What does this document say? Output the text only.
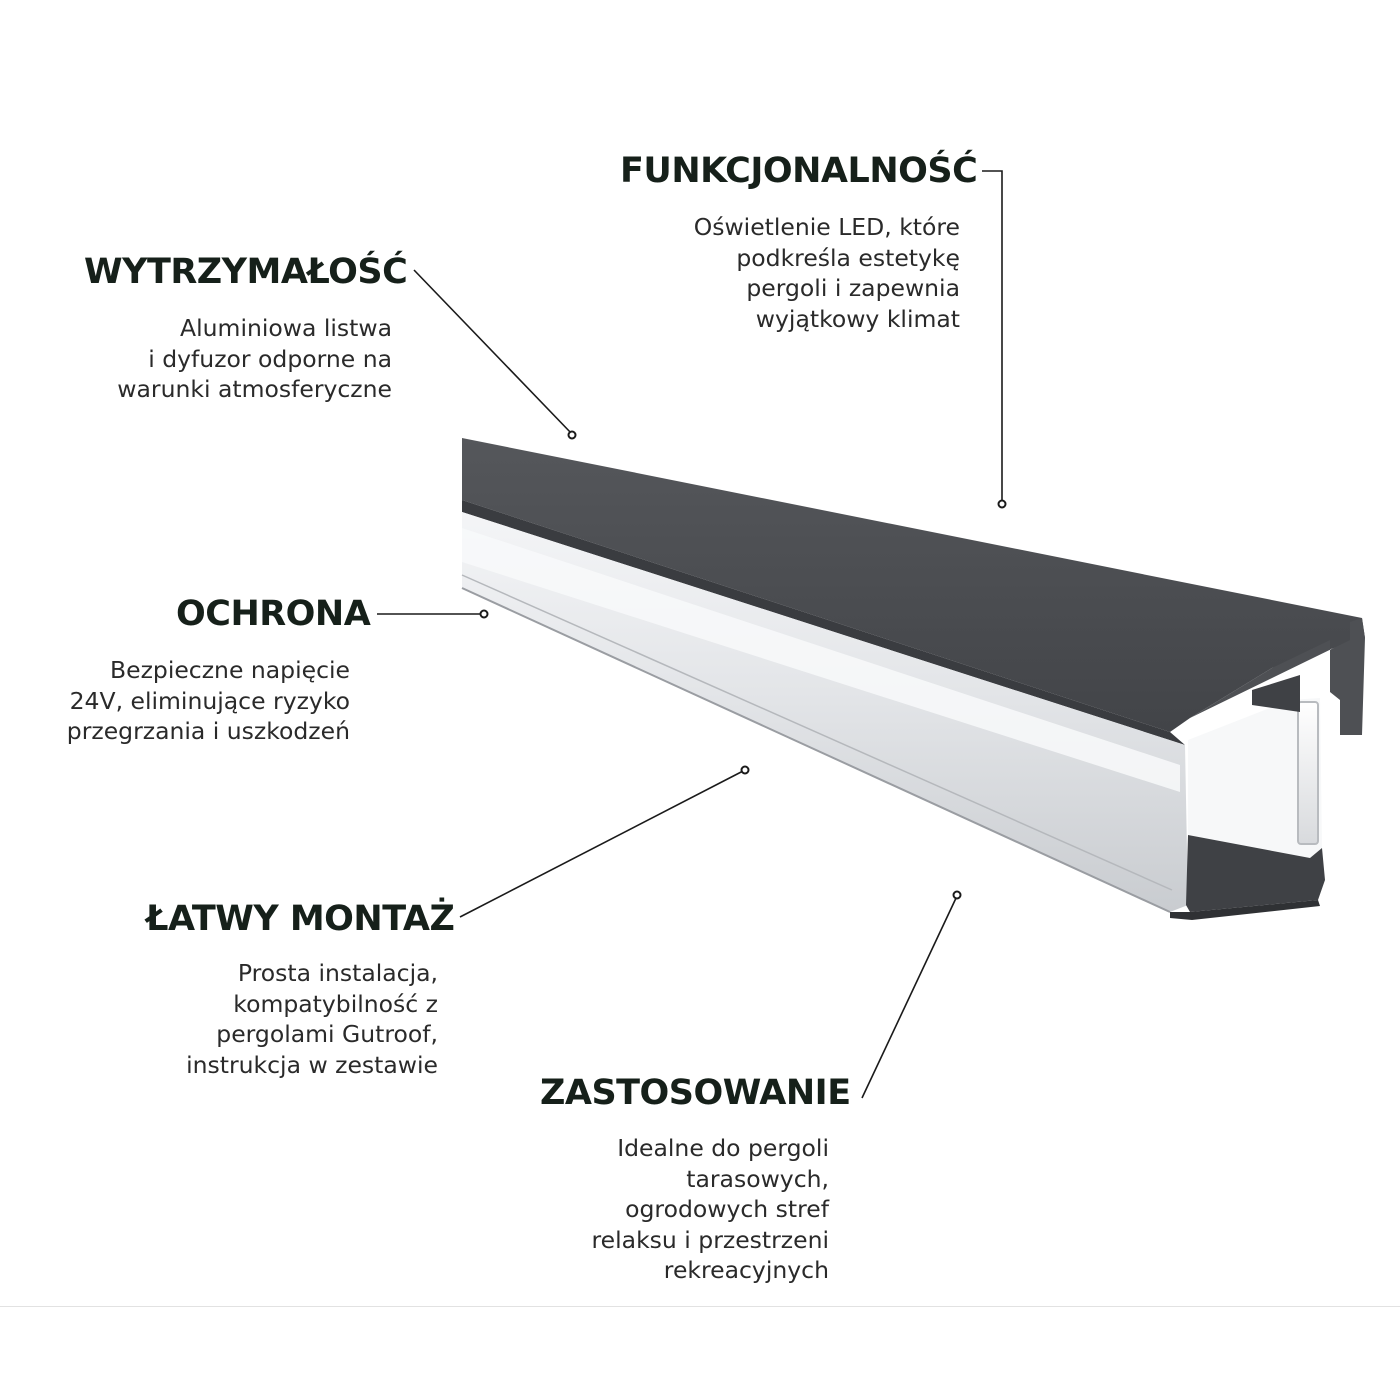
FUNKCJONALNOŚĆ
Oświetlenie LED, które
podkreśla estetykę
pergoli i zapewnia
wyjątkowy klimat
WYTRZYMAŁOŚĆ
Aluminiowa listwa
i dyfuzor odporne na
warunki atmosferyczne
OCHRONA
Bezpieczne napięcie
24V, eliminujące ryzyko
przegrzania i uszkodzeń
ŁATWY MONTAŻ
Prosta instalacja,
kompatybilność z
pergolami Gutroof,
instrukcja w zestawie
ZASTOSOWANIE
Idealne do pergoli
tarasowych,
ogrodowych stref
relaksu i przestrzeni
rekreacyjnych
